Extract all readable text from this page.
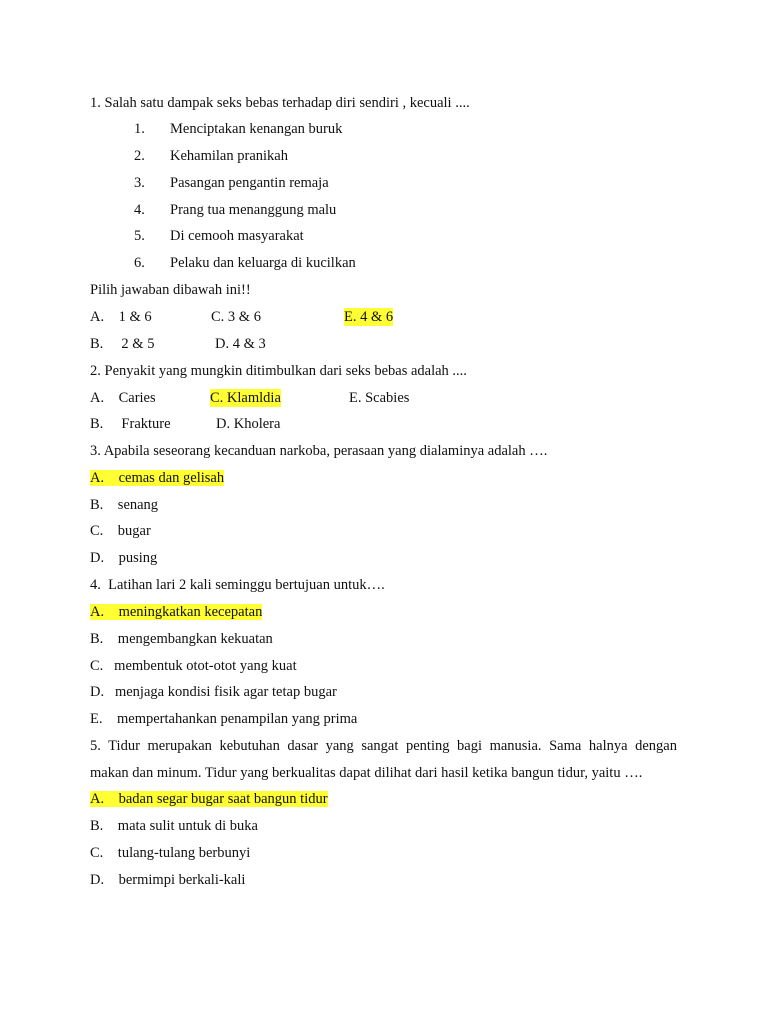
1. Salah satu dampak seks bebas terhadap diri sendiri , kecuali ....
1. Menciptakan kenangan buruk
2. Kehamilan pranikah
3. Pasangan pengantin remaja
4. Prang tua menanggung malu
5. Di cemooh masyarakat
6. Pelaku dan keluarga di kucilkan
Pilih jawaban dibawah ini!!
A.    1 & 6	C. 3 & 6	E. 4 & 6
B.     2 & 5	D. 4 & 3
2. Penyakit yang mungkin ditimbulkan dari seks bebas adalah ....
A.    Caries	C. Klamldia	E. Scabies
B.     Frakture	D. Kholera
3. Apabila seseorang kecanduan narkoba, perasaan yang dialaminya adalah ….
A.    cemas dan gelisah
B.    senang
C.    bugar
D.    pusing
4.  Latihan lari 2 kali seminggu bertujuan untuk….
A.    meningkatkan kecepatan
B.    mengembangkan kekuatan
C.   membentuk otot-otot yang kuat
D.   menjaga kondisi fisik agar tetap bugar
E.    mempertahankan penampilan yang prima
5. Tidur merupakan kebutuhan dasar yang sangat penting bagi manusia. Sama halnya dengan
makan dan minum. Tidur yang berkualitas dapat dilihat dari hasil ketika bangun tidur, yaitu ….
A.    badan segar bugar saat bangun tidur
B.    mata sulit untuk di buka
C.    tulang-tulang berbunyi
D.    bermimpi berkali-kali
